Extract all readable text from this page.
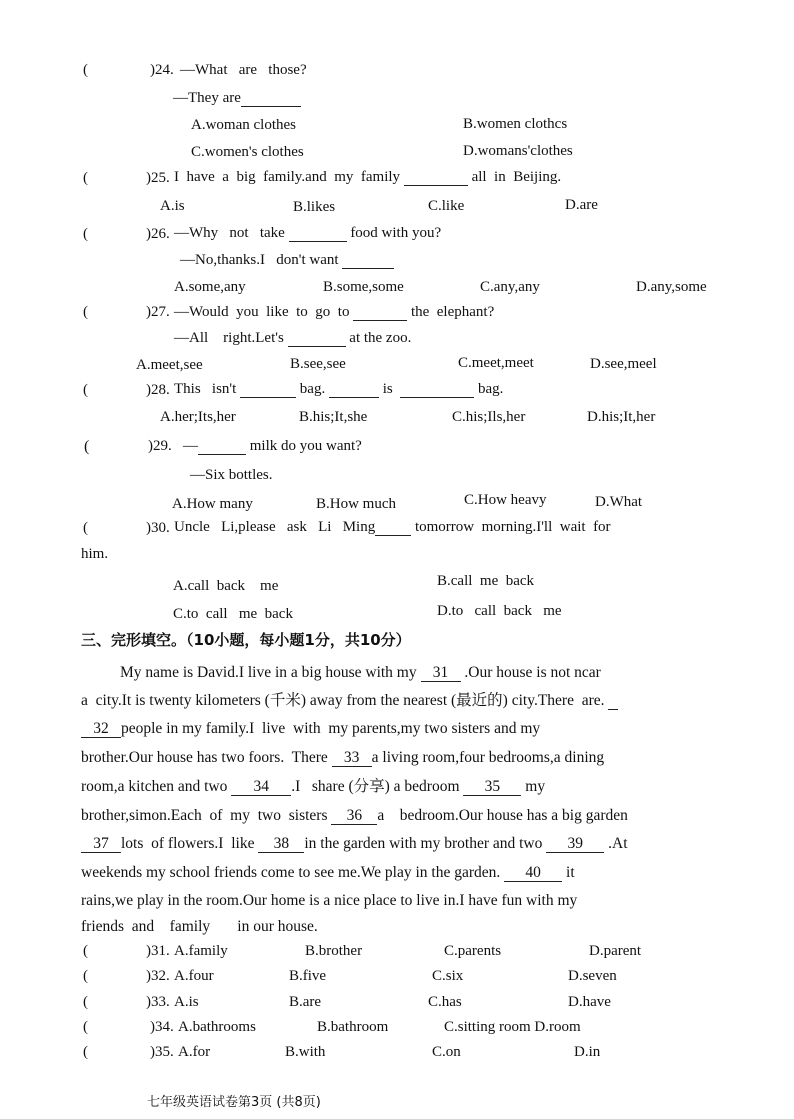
(	)24. —What   are   those?
—They are
A.woman clothes	B.women clothcs
C.women's clothes	D.womans'clothes
(	)25. I  have  a  big  family.and  my  family	all  in  Beijing.
A.is	B.likes	C.like	D.are
(	)26. —Why   not   take	food with you?
—No,thanks.I   don't want
A.some,any	B.some,some	C.any,any	D.any,some
(	)27. —Would  you  like  to  go  to	the  elephant?
—All    right.Let's	at the zoo.
A.meet,see	B.see,see	C.meet,meet	D.see,meel
(	)28. This   isn't	bag.	is	bag.
A.her;Its,her	B.his;It,she	C.his;Ils,her	D.his;It,her
(	)29. —	milk do you want?
—Six bottles.
A.How many	B.How much	C.How heavy	D.What
(	)30. Uncle   Li,please   ask   Li   Ming	tomorrow  morning.I'll  wait  for
him.
A.call  back    me	B.call  me  back
C.to  call   me  back	D.to   call  back   me
三、完形填空。（10小题，每小题1分，共10分）
My name is David.I live in a big house with my 31 .Our house is not ncar
a  city.It is twenty kilometers (千米) away from the nearest (最近的) city.There  are.
32 people in my family.I  live  with  my parents,my two sisters and my
brother.Our house has two foors.  There 33 a living room,four bedrooms,a dining
room,a kitchen and two 34 .I   share (分享) a bedroom 35 my
brother,simon.Each  of  my  two  sisters 36 a    bedroom.Our house has a big garden
37 lots  of flowers.I  like 38 in the garden with my brother and two 39 .At
weekends my school friends come to see me.We play in the garden. 40 it
rains,we play in the room.Our home is a nice place to live in.I have fun with my
friends  and    family       in our house.
(	)31. A.family	B.brother	C.parents	D.parent
(	)32. A.four	B.five	C.six	D.seven
(	)33. A.is	B.are	C.has	D.have
(	)34. A.bathrooms	B.bathroom	C.sitting room D.room
(	)35. A.for	B.with	C.on	D.in
七年级英语试卷第3页 (共8页)
